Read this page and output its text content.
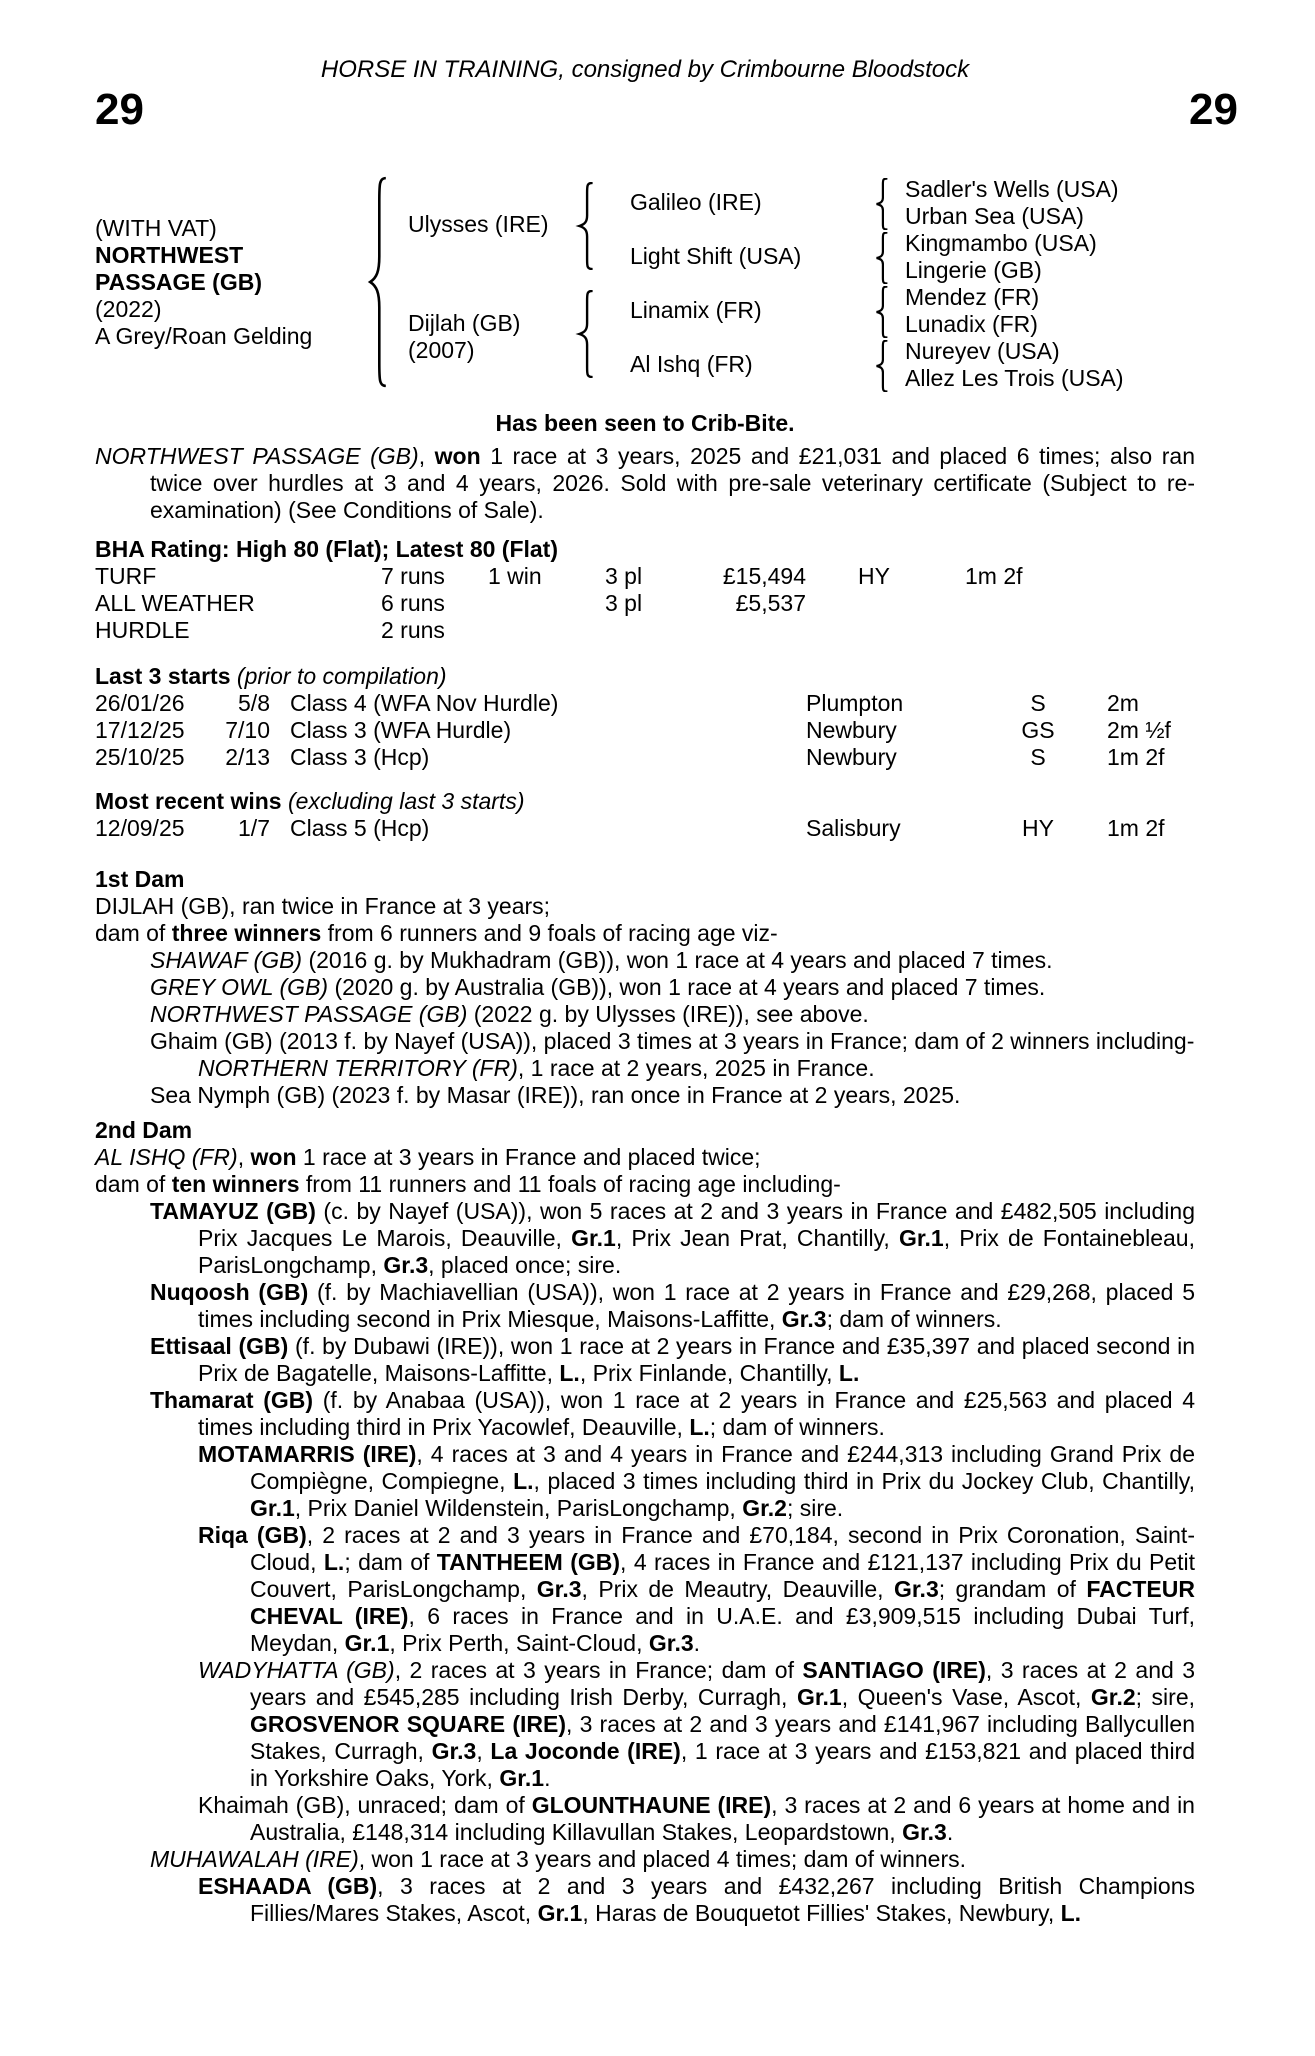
HORSE IN TRAINING, consigned by Crimbourne Bloodstock
29	29
(WITH VAT)
NORTHWEST PASSAGE (GB)
(2022)
A Grey/Roan Gelding
Ulysses (IRE)
Dijlah (GB)
(2007)
Galileo (IRE)
Light Shift (USA)
Linamix (FR)
Al Ishq (FR)
Sadler's Wells (USA)
Urban Sea (USA)
Kingmambo (USA)
Lingerie (GB)
Mendez (FR)
Lunadix (FR)
Nureyev (USA)
Allez Les Trois (USA)
Has been seen to Crib-Bite.

NORTHWEST PASSAGE (GB), won 1 race at 3 years, 2025 and £21,031 and placed 6 times; also ran twice over hurdles at 3 and 4 years, 2026. Sold with pre-sale veterinary certificate (Subject to re-examination) (See Conditions of Sale).

BHA Rating: High 80 (Flat); Latest 80 (Flat)
TURF	7 runs 1 win	3 pl	£15,494 HY	1m 2f
ALL WEATHER	6 runs	3 pl	£5,537
HURDLE	2 runs
Last 3 starts (prior to compilation)
26/01/26	5/8 Class 4 (WFA Nov Hurdle)	Plumpton	S	2m
17/12/25	7/10 Class 3 (WFA Hurdle)	Newbury	GS	2m ½f
25/10/25	2/13 Class 3 (Hcp)	Newbury	S	1m 2f
Most recent wins (excluding last 3 starts)
12/09/25	1/7 Class 5 (Hcp)	Salisbury	HY	1m 2f
1st Dam

DIJLAH (GB), ran twice in France at 3 years;

dam of three winners from 6 runners and 9 foals of racing age viz-

SHAWAF (GB) (2016 g. by Mukhadram (GB)), won 1 race at 4 years and placed 7 times.

GREY OWL (GB) (2020 g. by Australia (GB)), won 1 race at 4 years and placed 7 times.

NORTHWEST PASSAGE (GB) (2022 g. by Ulysses (IRE)), see above.

Ghaim (GB) (2013 f. by Nayef (USA)), placed 3 times at 3 years in France; dam of 2 winners including-

NORTHERN TERRITORY (FR), 1 race at 2 years, 2025 in France.

Sea Nymph (GB) (2023 f. by Masar (IRE)), ran once in France at 2 years, 2025.

2nd Dam

AL ISHQ (FR), won 1 race at 3 years in France and placed twice;

dam of ten winners from 11 runners and 11 foals of racing age including-

TAMAYUZ (GB) (c. by Nayef (USA)), won 5 races at 2 and 3 years in France and £482,505 including Prix Jacques Le Marois, Deauville, Gr.1, Prix Jean Prat, Chantilly, Gr.1, Prix de Fontainebleau, ParisLongchamp, Gr.3, placed once; sire.

Nuqoosh (GB) (f. by Machiavellian (USA)), won 1 race at 2 years in France and £29,268, placed 5 times including second in Prix Miesque, Maisons-Laffitte, Gr.3; dam of winners.

Ettisaal (GB) (f. by Dubawi (IRE)), won 1 race at 2 years in France and £35,397 and placed second in Prix de Bagatelle, Maisons-Laffitte, L., Prix Finlande, Chantilly, L.

Thamarat (GB) (f. by Anabaa (USA)), won 1 race at 2 years in France and £25,563 and placed 4 times including third in Prix Yacowlef, Deauville, L.; dam of winners.

MOTAMARRIS (IRE), 4 races at 3 and 4 years in France and £244,313 including Grand Prix de Compiègne, Compiegne, L., placed 3 times including third in Prix du Jockey Club, Chantilly, Gr.1, Prix Daniel Wildenstein, ParisLongchamp, Gr.2; sire.

Riqa (GB), 2 races at 2 and 3 years in France and £70,184, second in Prix Coronation, Saint-Cloud, L.; dam of TANTHEEM (GB), 4 races in France and £121,137 including Prix du Petit Couvert, ParisLongchamp, Gr.3, Prix de Meautry, Deauville, Gr.3; grandam of FACTEUR CHEVAL (IRE), 6 races in France and in U.A.E. and £3,909,515 including Dubai Turf, Meydan, Gr.1, Prix Perth, Saint-Cloud, Gr.3.

WADYHATTA (GB), 2 races at 3 years in France; dam of SANTIAGO (IRE), 3 races at 2 and 3 years and £545,285 including Irish Derby, Curragh, Gr.1, Queen's Vase, Ascot, Gr.2; sire, GROSVENOR SQUARE (IRE), 3 races at 2 and 3 years and £141,967 including Ballycullen Stakes, Curragh, Gr.3, La Joconde (IRE), 1 race at 3 years and £153,821 and placed third in Yorkshire Oaks, York, Gr.1.

Khaimah (GB), unraced; dam of GLOUNTHAUNE (IRE), 3 races at 2 and 6 years at home and in Australia, £148,314 including Killavullan Stakes, Leopardstown, Gr.3.

MUHAWALAH (IRE), won 1 race at 3 years and placed 4 times; dam of winners.

ESHAADA (GB), 3 races at 2 and 3 years and £432,267 including British Champions Fillies/Mares Stakes, Ascot, Gr.1, Haras de Bouquetot Fillies' Stakes, Newbury, L.
